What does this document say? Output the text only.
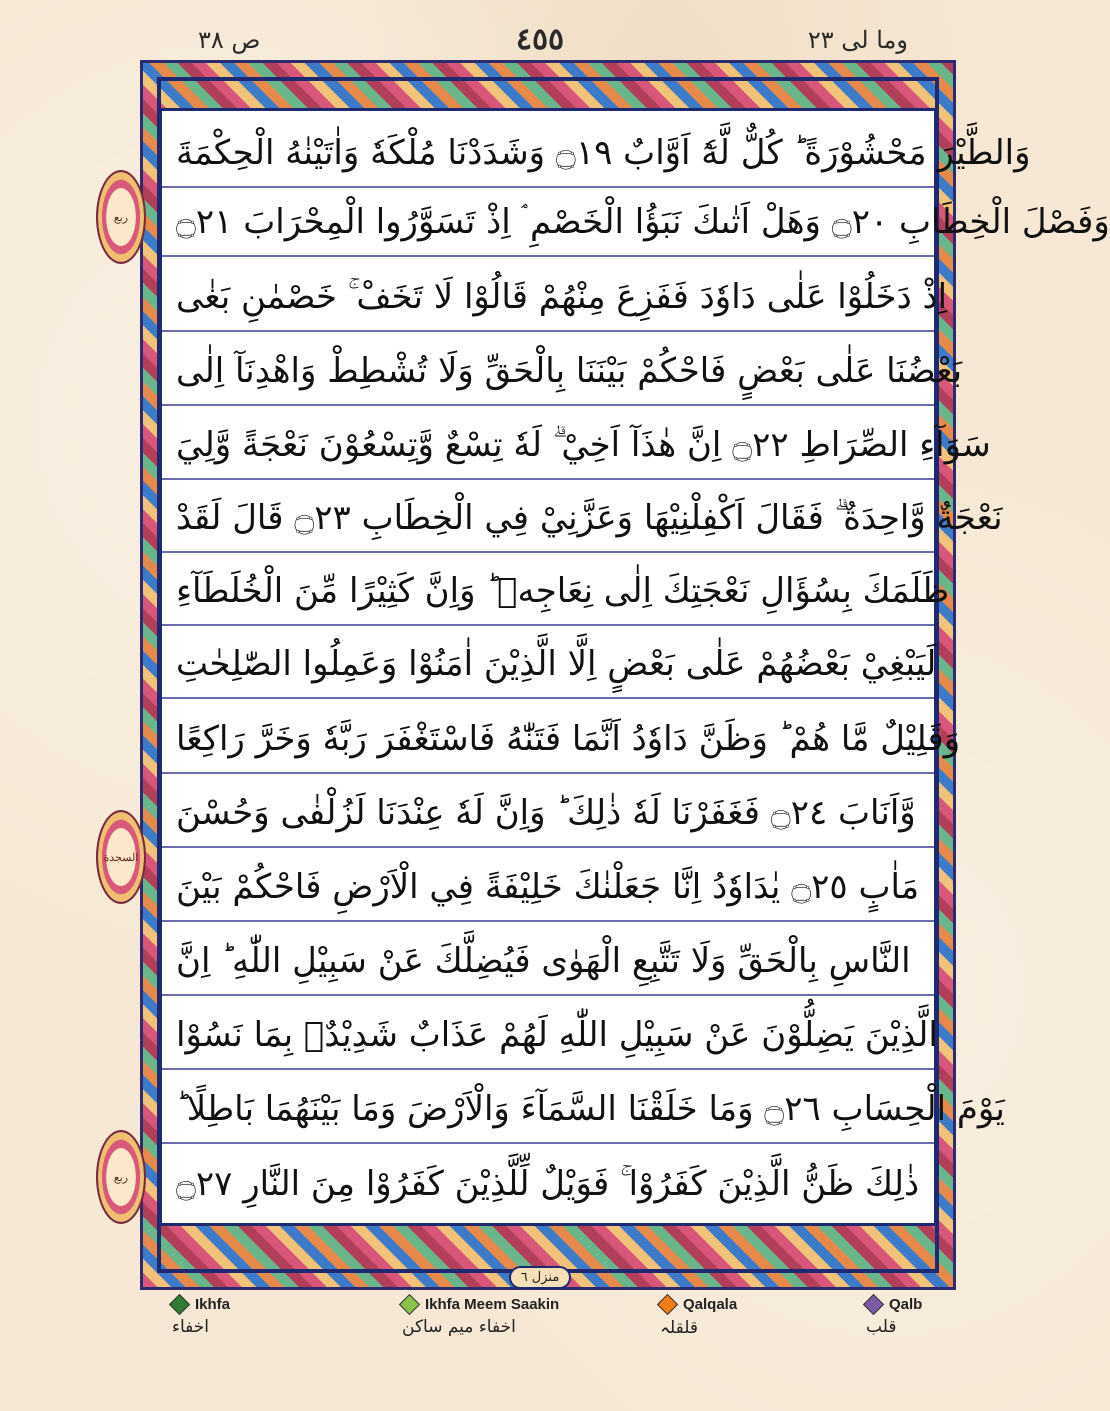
ص ٣٨	٤٥٥	وما لى ٢٣
ربع
السجدة
ربع
وَالطَّيْرَ مَحْشُوْرَةً ؕ كُلٌّ لَّهٗٓ اَوَّابٌ ۝١٩ وَشَدَدْنَا مُلْكَهٗ وَاٰتَيْنٰهُ الْحِكْمَةَ
وَفَصْلَ الْخِطَابِ ۝٢٠ وَهَلْ اَتٰىكَ نَبَؤُا الْخَصْمِ ۘ اِذْ تَسَوَّرُوا الْمِحْرَابَ ۝٢١
اِذْ دَخَلُوْا عَلٰى دَاوٗدَ فَفَزِعَ مِنْهُمْ قَالُوْا لَا تَخَفْ ۚ خَصْمٰنِ بَغٰى
بَعْضُنَا عَلٰى بَعْضٍ فَاحْكُمْ بَيْنَنَا بِالْحَقِّ وَلَا تُشْطِطْ وَاهْدِنَآ اِلٰى
سَوَآءِ الصِّرَاطِ ۝٢٢ اِنَّ هٰذَآ اَخِيْ ۗ لَهٗ تِسْعٌ وَّتِسْعُوْنَ نَعْجَةً وَّلِيَ
نَعْجَةٌ وَّاحِدَةٌ ۗ فَقَالَ اَكْفِلْنِيْهَا وَعَزَّنِيْ فِي الْخِطَابِ ۝٢٣ قَالَ لَقَدْ
ظَلَمَكَ بِسُؤَالِ نَعْجَتِكَ اِلٰى نِعَاجِهٖ ؕ وَاِنَّ كَثِيْرًا مِّنَ الْخُلَطَآءِ
لَيَبْغِيْ بَعْضُهُمْ عَلٰى بَعْضٍ اِلَّا الَّذِيْنَ اٰمَنُوْا وَعَمِلُوا الصّٰلِحٰتِ
وَقَلِيْلٌ مَّا هُمْ ؕ وَظَنَّ دَاوٗدُ اَنَّمَا فَتَنّٰهُ فَاسْتَغْفَرَ رَبَّهٗ وَخَرَّ رَاكِعًا
وَّاَنَابَ ۝٢٤ فَغَفَرْنَا لَهٗ ذٰلِكَ ؕ وَاِنَّ لَهٗ عِنْدَنَا لَزُلْفٰى وَحُسْنَ
مَاٰبٍ ۝٢٥ يٰدَاوٗدُ اِنَّا جَعَلْنٰكَ خَلِيْفَةً فِي الْاَرْضِ فَاحْكُمْ بَيْنَ
النَّاسِ بِالْحَقِّ وَلَا تَتَّبِعِ الْهَوٰى فَيُضِلَّكَ عَنْ سَبِيْلِ اللّٰهِ ؕ اِنَّ
الَّذِيْنَ يَضِلُّوْنَ عَنْ سَبِيْلِ اللّٰهِ لَهُمْ عَذَابٌ شَدِيْدٌۢ بِمَا نَسُوْا
يَوْمَ الْحِسَابِ ۝٢٦ وَمَا خَلَقْنَا السَّمَآءَ وَالْاَرْضَ وَمَا بَيْنَهُمَا بَاطِلًا ؕ
ذٰلِكَ ظَنُّ الَّذِيْنَ كَفَرُوْا ۚ فَوَيْلٌ لِّلَّذِيْنَ كَفَرُوْا مِنَ النَّارِ ۝٢٧
منزل ٦
Ikhfa
اخفاء
Ikhfa Meem Saakin
اخفاء میم ساکن
Qalqala
قلقلہ
Qalb
قلب
